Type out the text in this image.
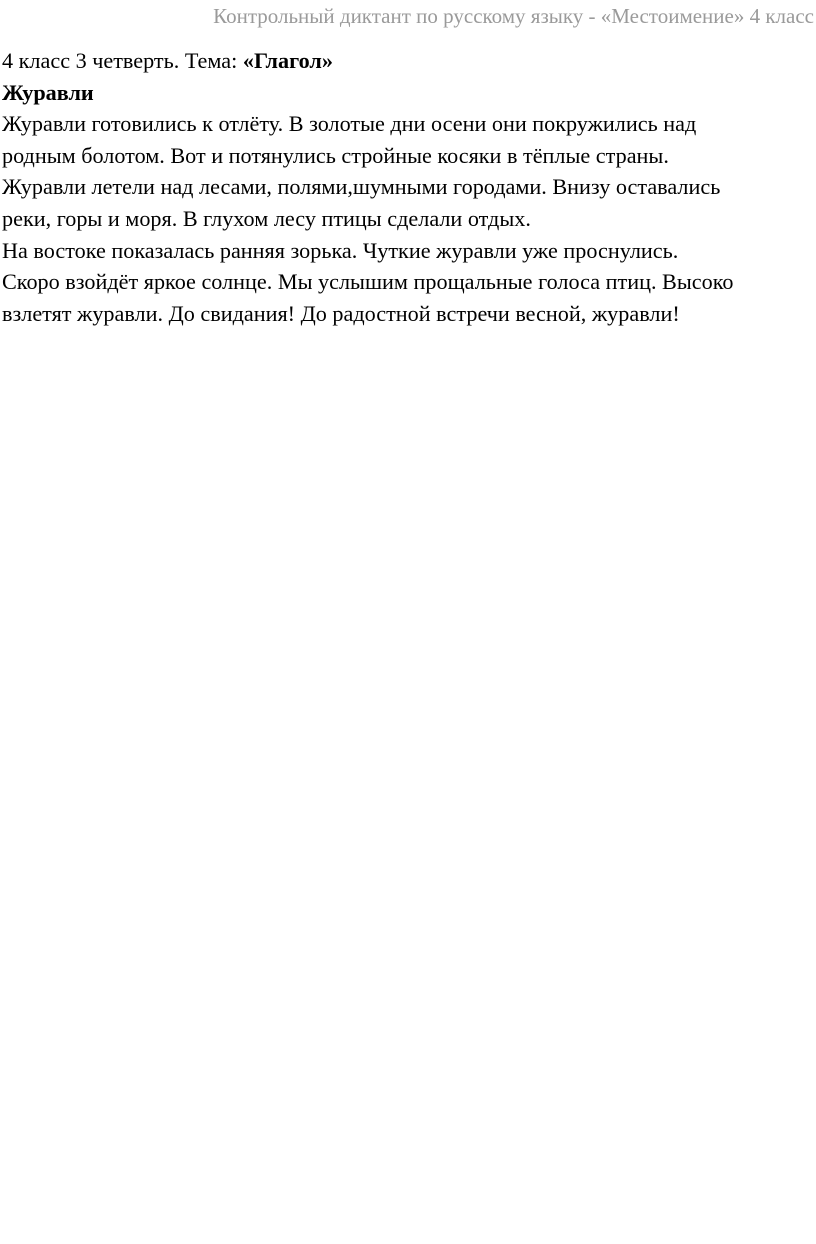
Контрольный диктант по русскому языку - «Местоимение» 4 класс
4 класс 3 четверть. Тема: «Глагол»
Журавли
Журавли готовились к отлёту. В золотые дни осени они покружились над
родным болотом. Вот и потянулись стройные косяки в тёплые страны.
Журавли летели над лесами, полями,шумными городами. Внизу оставались
реки, горы и моря. В глухом лесу птицы сделали отдых.
На востоке показалась ранняя зорька. Чуткие журавли уже проснулись.
Скоро взойдёт яркое солнце. Мы услышим прощальные голоса птиц. Высоко
взлетят журавли. До свидания! До радостной встречи весной, журавли!
